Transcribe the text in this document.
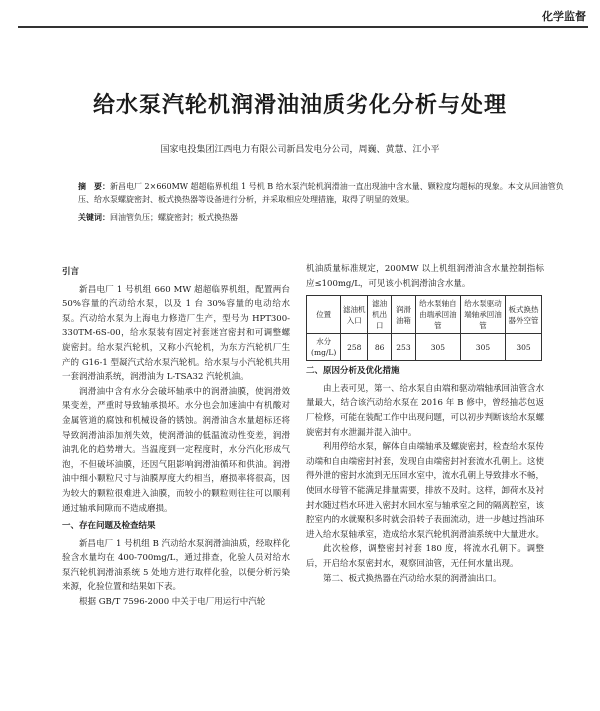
化学监督
给水泵汽轮机润滑油油质劣化分析与处理
国家电投集团江西电力有限公司新昌发电分公司，周巍、黄慧、江小平
摘　要：新昌电厂 2×660MW 超超临界机组 1 号机 B 给水泵汽轮机润滑油一直出现油中含水量、颗粒度均超标的现象。本文从回油管负压、给水泵螺旋密封、板式换热器等设备进行分析，并采取相应处理措施，取得了明显的效果。
关键词：回油管负压；螺旋密封；板式换热器
引言

新昌电厂 1 号机组 660 MW 超超临界机组，配置两台 50%容量的汽动给水泵，以及 1 台 30%容量的电动给水泵。汽动给水泵为上海电力修造厂生产，型号为 HPT300-330TM-6S-00，给水泵装有固定衬套迷宫密封和可调整螺旋密封。给水泵汽轮机，又称小汽轮机，为东方汽轮机厂生产的 G16-1 型凝汽式给水泵汽轮机。给水泵与小汽轮机共用一套润滑油系统，润滑油为 L-TSA32 汽轮机油。

润滑油中含有水分会破坏轴承中的润滑油膜，使润滑效果变差，严重时导致轴承损坏。水分也会加速油中有机酸对金属管道的腐蚀和机械设备的锈蚀。润滑油含水量超标还将导致润滑油添加剂失效，使润滑油的低温流动性变差，润滑油乳化的趋势增大。当温度到一定程度时，水分汽化形成气泡，不但破坏油膜，还因气阻影响润滑油循环和供油。润滑油中细小颗粒尺寸与油膜厚度大约相当，磨损率将很高，因为较大的颗粒很难进入油膜，而较小的颗粒则往往可以顺利通过轴承间隙而不造成磨损。

一、存在问题及检查结果

新昌电厂 1 号机组 B 汽动给水泵润滑油油质，经取样化验含水量均在 400-700mg/L，通过排查，化验人员对给水泵汽轮机润滑油系统 5 处地方进行取样化验，以便分析污染来源，化验位置和结果如下表。

根据 GB/T 7596-2000 中关于电厂用运行中汽轮

机油质量标准规定，200MW 以上机组润滑油含水量控制指标应≤100mg/L，可见该小机润滑油含水量。

位置	滤油机入口	滤油机出口	润滑油箱	给水泵轴自由端承回油管	给水泵驱动端轴承回油管	板式换热器外空管
水分(mg/L)	258	86	253	305	305	305
二、原因分析及优化措施

由上表可见，第一、给水泵自由端和驱动端轴承回油管含水量最大，结合该汽动给水泵在 2016 年 B 修中，曾经抽芯包返厂检修，可能在装配工作中出现问题，可以初步判断该给水泵螺旋密封有水泄漏并混入油中。

利用停给水泵，解体自由端轴承及螺旋密封，检查给水泵传动端和自由端密封衬套，发现自由端密封衬套流水孔朝上。这使得外泄的密封水流到无压回水室中，流水孔朝上导致排水不畅，使回水母管不能满足排量需要，排放不及时。这样，卸荷水及衬封水随过档水环进入密封水回水室与轴承室之间的隔离腔室，该腔室内的水就聚积多时就会沿转子表面流动，进一步越过挡油环进入给水泵轴承室，造成给水泵汽轮机润滑油系统中大量进水。

此次检修，调整密封衬套 180 度，将流水孔朝下。调整后，开启给水泵密封水，观察回油管，无任何水量出现。

第二、板式换热器在汽动给水泵的润滑油出口。
